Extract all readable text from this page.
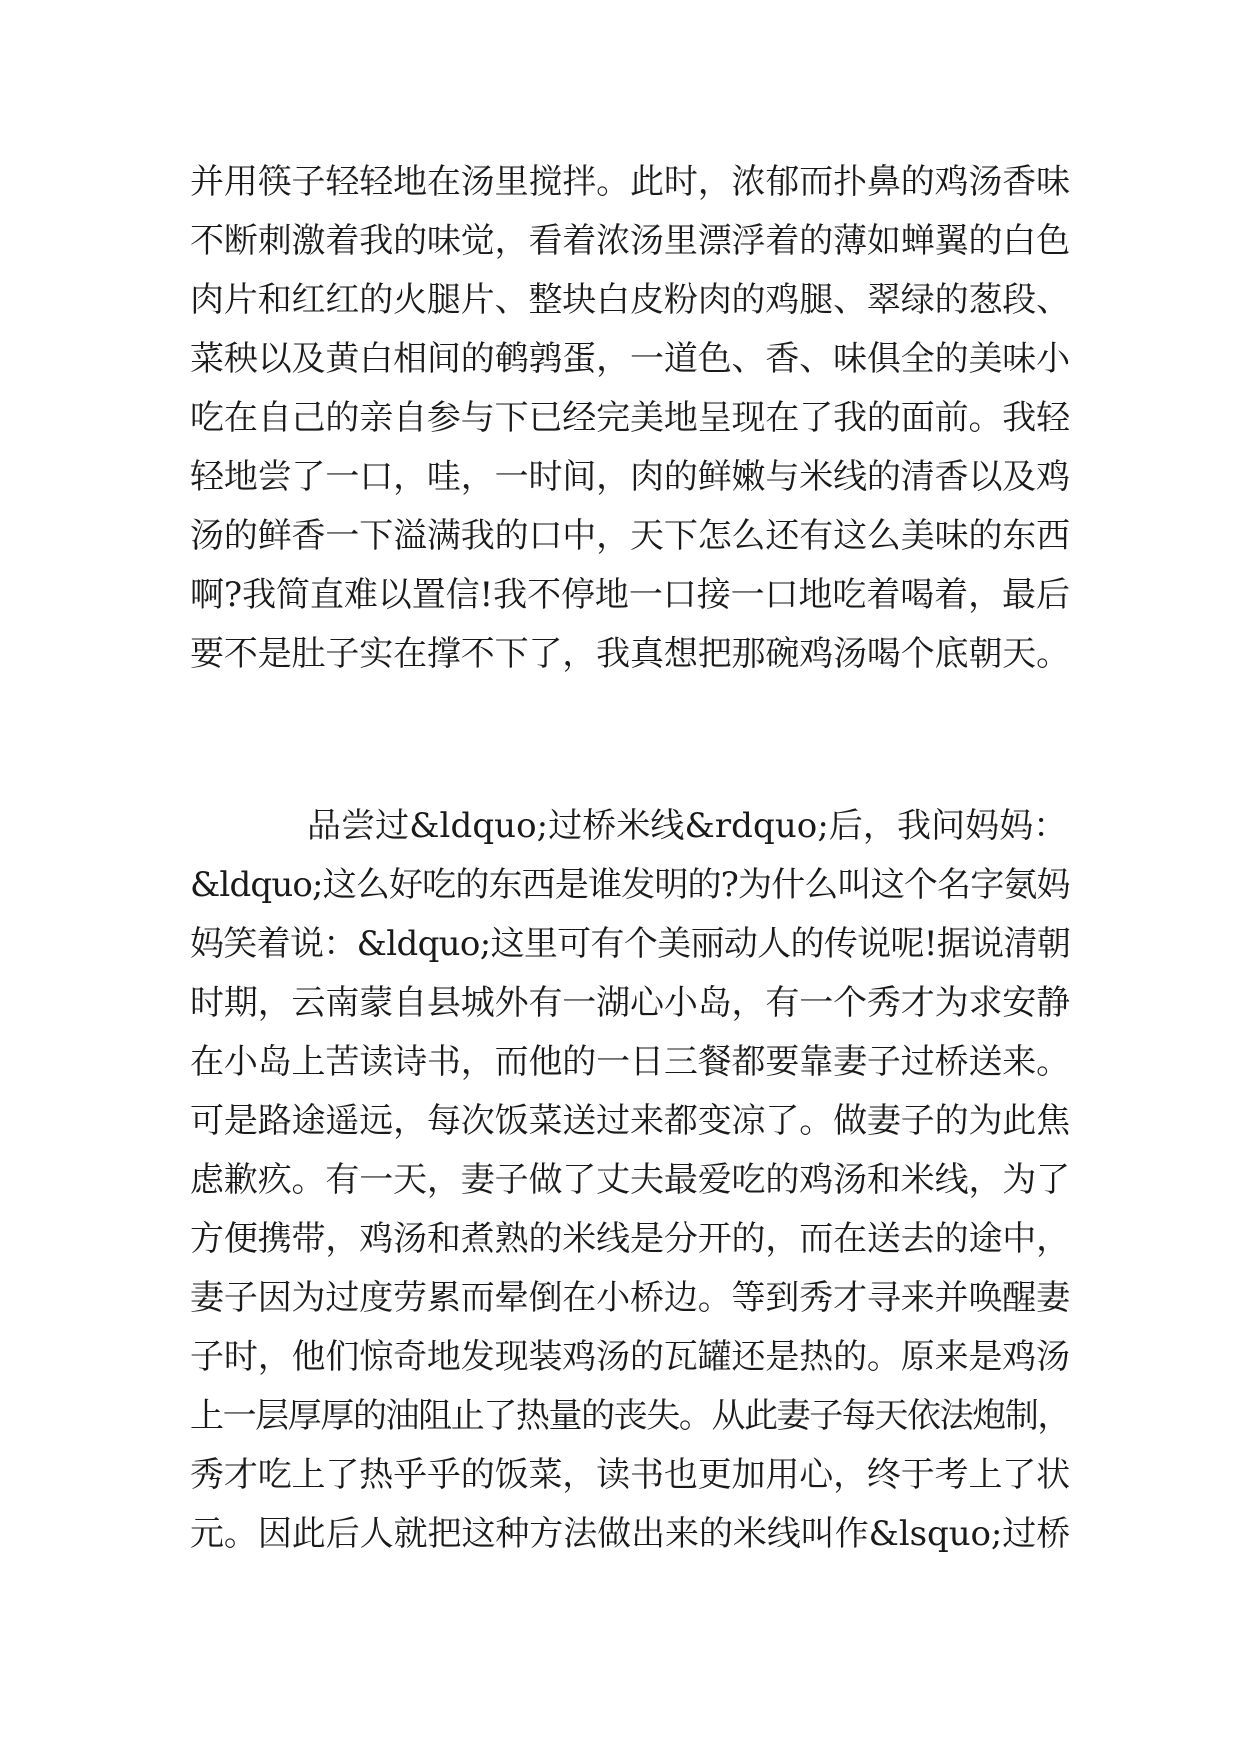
并用筷子轻轻地在汤里搅拌。此时，浓郁而扑鼻的鸡汤香味
不断刺激着我的味觉，看着浓汤里漂浮着的薄如蝉翼的白色
肉片和红红的火腿片、整块白皮粉肉的鸡腿、翠绿的葱段、
菜秧以及黄白相间的鹌鹑蛋，一道色、香、味俱全的美味小
吃在自己的亲自参与下已经完美地呈现在了我的面前。我轻
轻地尝了一口，哇，一时间，肉的鲜嫩与米线的清香以及鸡
汤的鲜香一下溢满我的口中，天下怎么还有这么美味的东西
啊?我简直难以置信!我不停地一口接一口地吃着喝着，最后
要不是肚子实在撑不下了，我真想把那碗鸡汤喝个底朝天。
品尝过&ldquo;过桥米线&rdquo;后，我问妈妈：
&ldquo;这么好吃的东西是谁发明的?为什么叫这个名字氨妈
妈笑着说：&ldquo;这里可有个美丽动人的传说呢!据说清朝
时期，云南蒙自县城外有一湖心小岛，有一个秀才为求安静
在小岛上苦读诗书，而他的一日三餐都要靠妻子过桥送来。
可是路途遥远，每次饭菜送过来都变凉了。做妻子的为此焦
虑歉疚。有一天，妻子做了丈夫最爱吃的鸡汤和米线，为了
方便携带，鸡汤和煮熟的米线是分开的，而在送去的途中，
妻子因为过度劳累而晕倒在小桥边。等到秀才寻来并唤醒妻
子时，他们惊奇地发现装鸡汤的瓦罐还是热的。原来是鸡汤
上一层厚厚的油阻止了热量的丧失。从此妻子每天依法炮制，
秀才吃上了热乎乎的饭菜，读书也更加用心，终于考上了状
元。因此后人就把这种方法做出来的米线叫作&lsquo;过桥
